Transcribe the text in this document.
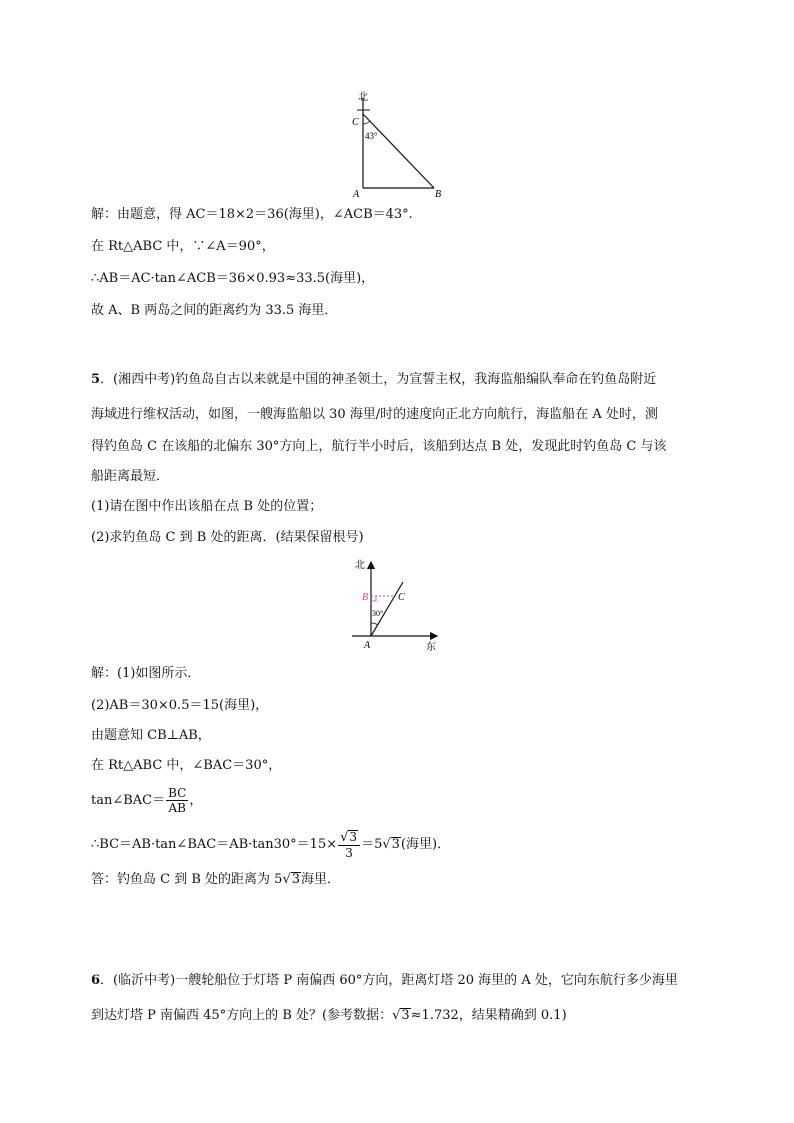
北
C
43°
A	B
解：由题意，得 AC＝18×2＝36(海里)，∠ACB＝43°.
在 Rt△ABC 中，∵∠A＝90°，
∴AB＝AC·tan∠ACB＝36×0.93≈33.5(海里)，
故 A、B 两岛之间的距离约为 33.5 海里．
5．(湘西中考)钓鱼岛自古以来就是中国的神圣领土，为宣誓主权，我海监船编队奉命在钓鱼岛附近
海域进行维权活动，如图，一艘海监船以 30 海里/时的速度向正北方向航行，海监船在 A 处时，测
得钓鱼岛 C 在该船的北偏东 30°方向上，航行半小时后，该船到达点 B 处，发现此时钓鱼岛 C 与该
船距离最短．
(1)请在图中作出该船在点 B 处的位置；
(2)求钓鱼岛 C 到 B 处的距离．(结果保留根号)
北
B	C
30°
A	东
解：(1)如图所示．
(2)AB＝30×0.5＝15(海里)，
由题意知 CB⊥AB，
在 Rt△ABC 中，∠BAC＝30°，
tan∠BAC＝ $\frac{BC}{AB}$ ，
∴BC＝AB·tan∠BAC＝AB·tan30°＝15× $\frac{√3}{3} =5√3$(海里)．
答：钓鱼岛 C 到 B 处的距离为 5√3海里．
6．(临沂中考)一艘轮船位于灯塔 P 南偏西 60°方向，距离灯塔 20 海里的 A 处，它向东航行多少海里
到达灯塔 P 南偏西 45°方向上的 B 处？(参考数据：√3≈1.732，结果精确到 0.1)
